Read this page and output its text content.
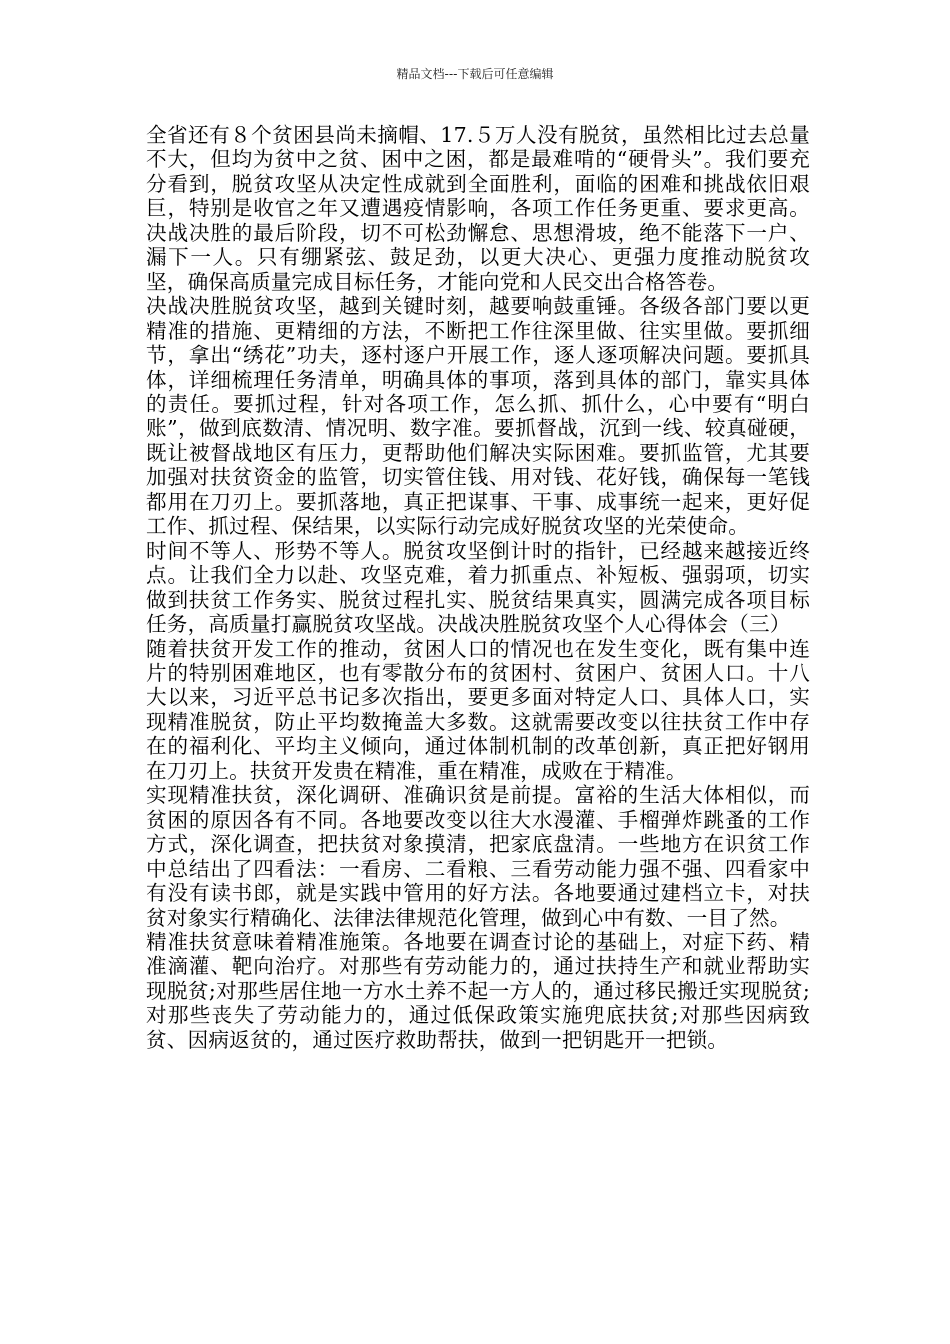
精品文档---下载后可任意编辑

全省还有８个贫困县尚未摘帽、17.５万人没有脱贫，虽然相比过去总量不大，但均为贫中之贫、困中之困，都是最难啃的“硬骨头”。我们要充分看到，脱贫攻坚从决定性成就到全面胜利，面临的困难和挑战依旧艰巨，特别是收官之年又遭遇疫情影响，各项工作任务更重、要求更高。决战决胜的最后阶段，切不可松劲懈怠、思想滑坡，绝不能落下一户、漏下一人。只有绷紧弦、鼓足劲，以更大决心、更强力度推动脱贫攻坚，确保高质量完成目标任务，才能向党和人民交出合格答卷。

决战决胜脱贫攻坚，越到关键时刻，越要响鼓重锤。各级各部门要以更精准的措施、更精细的方法，不断把工作往深里做、往实里做。要抓细节，拿出“绣花”功夫，逐村逐户开展工作，逐人逐项解决问题。要抓具体，详细梳理任务清单，明确具体的事项，落到具体的部门，靠实具体的责任。要抓过程，针对各项工作，怎么抓、抓什么，心中要有“明白账”，做到底数清、情况明、数字准。要抓督战，沉到一线、较真碰硬，既让被督战地区有压力，更帮助他们解决实际困难。要抓监管，尤其要加强对扶贫资金的监管，切实管住钱、用对钱、花好钱，确保每一笔钱都用在刀刃上。要抓落地，真正把谋事、干事、成事统一起来，更好促工作、抓过程、保结果，以实际行动完成好脱贫攻坚的光荣使命。

时间不等人、形势不等人。脱贫攻坚倒计时的指针，已经越来越接近终点。让我们全力以赴、攻坚克难，着力抓重点、补短板、强弱项，切实做到扶贫工作务实、脱贫过程扎实、脱贫结果真实，圆满完成各项目标任务，高质量打赢脱贫攻坚战。决战决胜脱贫攻坚个人心得体会（三）

随着扶贫开发工作的推动，贫困人口的情况也在发生变化，既有集中连片的特别困难地区，也有零散分布的贫困村、贫困户、贫困人口。十八大以来，习近平总书记多次指出，要更多面对特定人口、具体人口，实现精准脱贫，防止平均数掩盖大多数。这就需要改变以往扶贫工作中存在的福利化、平均主义倾向，通过体制机制的改革创新，真正把好钢用在刀刃上。扶贫开发贵在精准，重在精准，成败在于精准。

实现精准扶贫，深化调研、准确识贫是前提。富裕的生活大体相似，而贫困的原因各有不同。各地要改变以往大水漫灌、手榴弹炸跳蚤的工作方式，深化调查，把扶贫对象摸清，把家底盘清。一些地方在识贫工作中总结出了四看法：一看房、二看粮、三看劳动能力强不强、四看家中有没有读书郎，就是实践中管用的好方法。各地要通过建档立卡，对扶贫对象实行精确化、法律法律规范化管理，做到心中有数、一目了然。

精准扶贫意味着精准施策。各地要在调查讨论的基础上，对症下药、精准滴灌、靶向治疗。对那些有劳动能力的，通过扶持生产和就业帮助实现脱贫;对那些居住地一方水土养不起一方人的，通过移民搬迁实现脱贫;对那些丧失了劳动能力的，通过低保政策实施兜底扶贫;对那些因病致贫、因病返贫的，通过医疗救助帮扶，做到一把钥匙开一把锁。
